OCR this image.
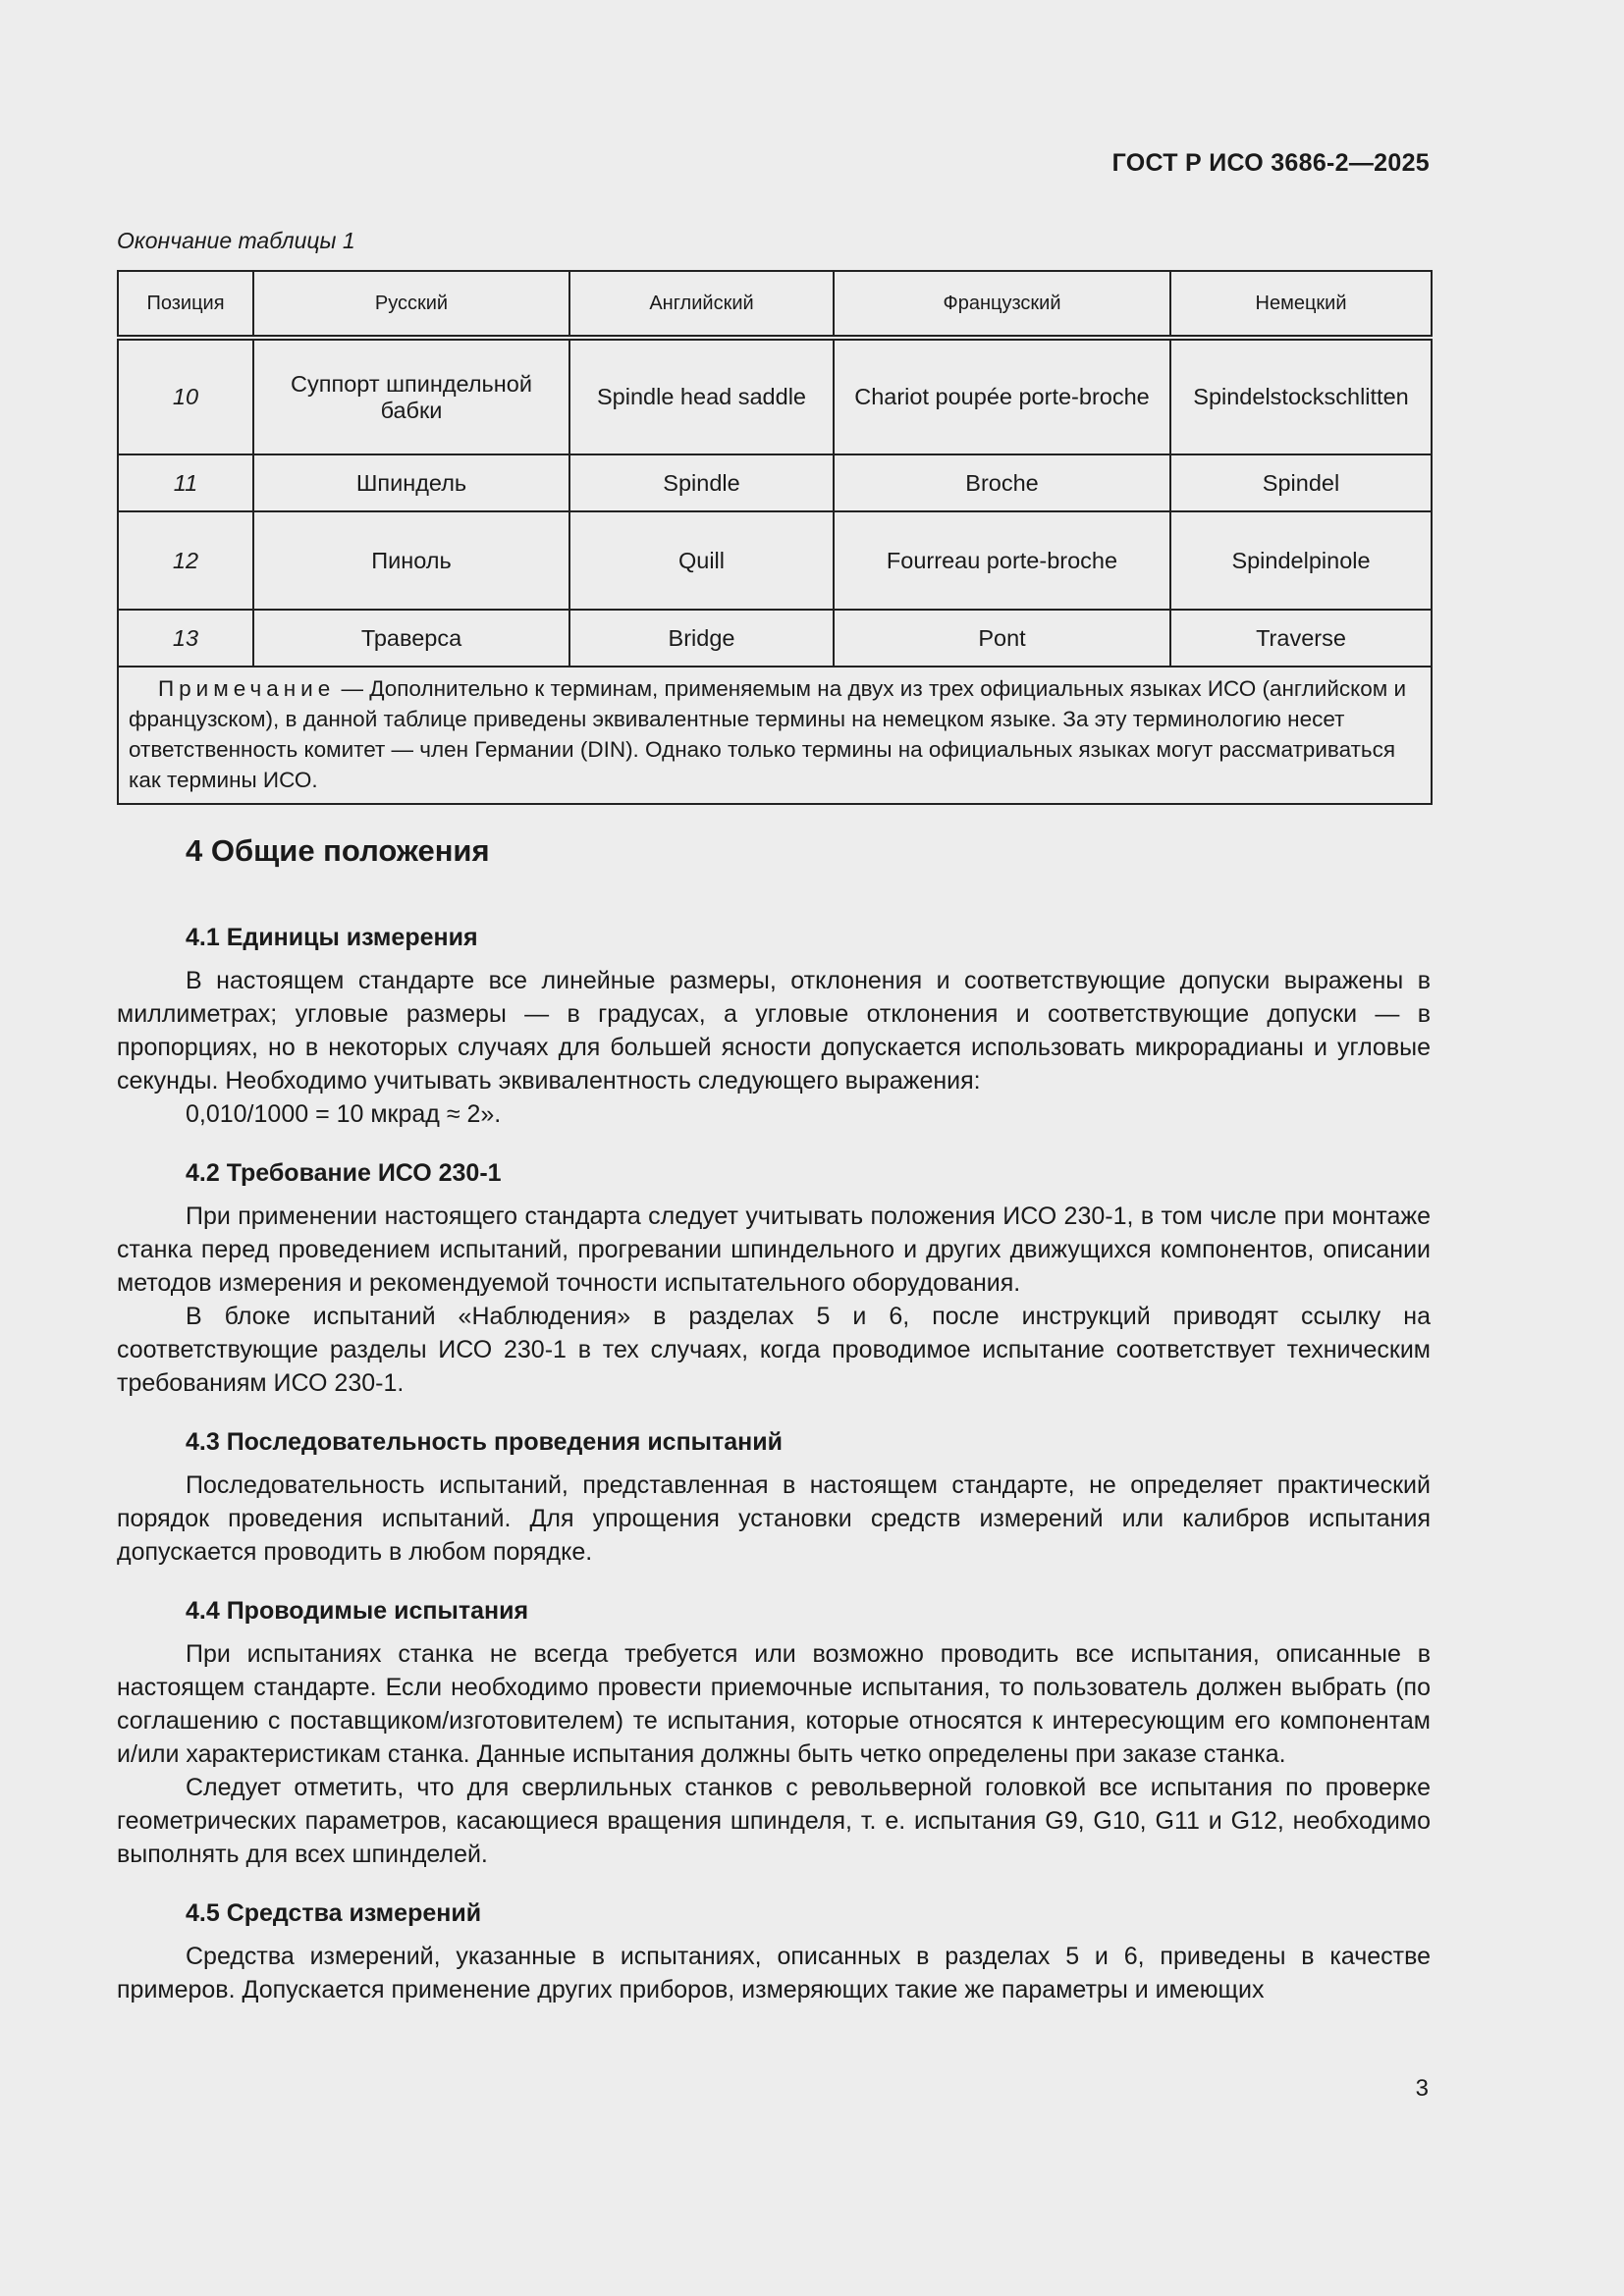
ГОСТ Р ИСО 3686-2—2025
Окончание таблицы 1
Позиция	Русский	Английский	Французский	Немецкий
10	Суппорт шпиндельной бабки	Spindle head saddle	Chariot poupée porte-broche	Spindelstockschlitten
11	Шпиндель	Spindle	Broche	Spindel
12	Пиноль	Quill	Fourreau porte-broche	Spindelpinole
13	Траверса	Bridge	Pont	Traverse
Примечание — Дополнительно к терминам, применяемым на двух из трех официальных языках ИСО (английском и французском), в данной таблице приведены эквивалентные термины на немецком языке. За эту терминологию несет ответственность комитет — член Германии (DIN). Однако только термины на официальных языках могут рассматриваться как термины ИСО.				
4 Общие положения
4.1 Единицы измерения

В настоящем стандарте все линейные размеры, отклонения и соответствующие допуски выражены в миллиметрах; угловые размеры — в градусах, а угловые отклонения и соответствующие допуски — в пропорциях, но в некоторых случаях для большей ясности допускается использовать микрорадианы и угловые секунды. Необходимо учитывать эквивалентность следующего выражения:

0,010/1000 = 10 мкрад ≈ 2».
4.2 Требование ИСО 230-1

При применении настоящего стандарта следует учитывать положения ИСО 230-1, в том числе при монтаже станка перед проведением испытаний, прогревании шпиндельного и других движущихся компонентов, описании методов измерения и рекомендуемой точности испытательного оборудования.

В блоке испытаний «Наблюдения» в разделах 5 и 6, после инструкций приводят ссылку на соответствующие разделы ИСО 230-1 в тех случаях, когда проводимое испытание соответствует техническим требованиям ИСО 230-1.

4.3 Последовательность проведения испытаний

Последовательность испытаний, представленная в настоящем стандарте, не определяет практический порядок проведения испытаний. Для упрощения установки средств измерений или калибров испытания допускается проводить в любом порядке.

4.4 Проводимые испытания

При испытаниях станка не всегда требуется или возможно проводить все испытания, описанные в настоящем стандарте. Если необходимо провести приемочные испытания, то пользователь должен выбрать (по соглашению с поставщиком/изготовителем) те испытания, которые относятся к интересующим его компонентам и/или характеристикам станка. Данные испытания должны быть четко определены при заказе станка.

Следует отметить, что для сверлильных станков с револьверной головкой все испытания по проверке геометрических параметров, касающиеся вращения шпинделя, т. е. испытания G9, G10, G11 и G12, необходимо выполнять для всех шпинделей.

4.5 Средства измерений

Средства измерений, указанные в испытаниях, описанных в разделах 5 и 6, приведены в качестве примеров. Допускается применение других приборов, измеряющих такие же параметры и имеющих

3
